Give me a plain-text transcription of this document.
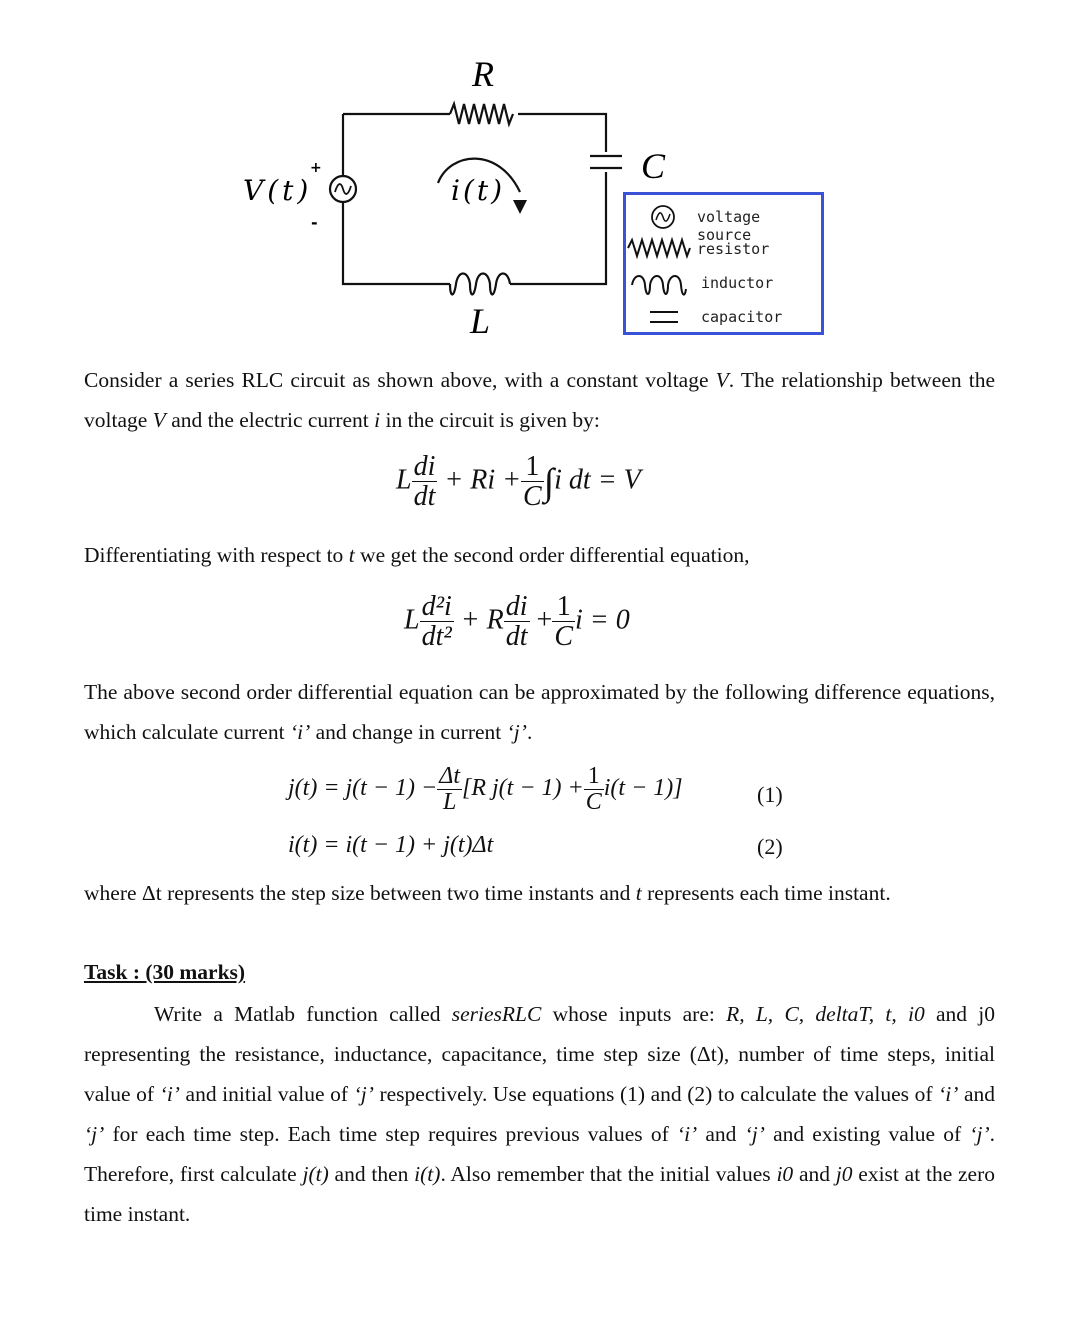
R
C
L
V(t)
+
-
i(t)
voltage source
resistor
inductor
capacitor
Consider a series RLC circuit as shown above, with a constant voltage V. The relationship between the voltage V and the electric current i in the circuit is given by:
L $\frac{di}{dt} + Ri + \frac{1}{C} \int i$ dt = V
Differentiating with respect to t we get the second order differential equation,
L $\frac{\text{d²i}}{\text{dt²}} + R \frac{di}{dt} + \frac{1}{C}$ i = 0
The above second order differential equation can be approximated by the following difference equations, which calculate current ‘i’ and change in current ‘j’.
$j(t) = j(t - 1) - \frac{\Delta t}{L} [R$ $j(t - 1) + \frac{1}{C} i(t - 1)$]	(1)
i(t) = i(t − 1) + j(t)Δt	(2)
where Δt represents the step size between two time instants and t represents each time instant.
Task : (30 marks)
Write a Matlab function called seriesRLC whose inputs are: R, L, C, deltaT, t, i0 and j0 representing the resistance, inductance, capacitance, time step size (Δt), number of time steps, initial value of ‘i’ and initial value of ‘j’ respectively. Use equations (1) and (2) to calculate the values of ‘i’ and ‘j’ for each time step. Each time step requires previous values of ‘i’ and ‘j’ and existing value of ‘j’. Therefore, first calculate j(t) and then i(t). Also remember that the initial values i0 and j0 exist at the zero time instant.
